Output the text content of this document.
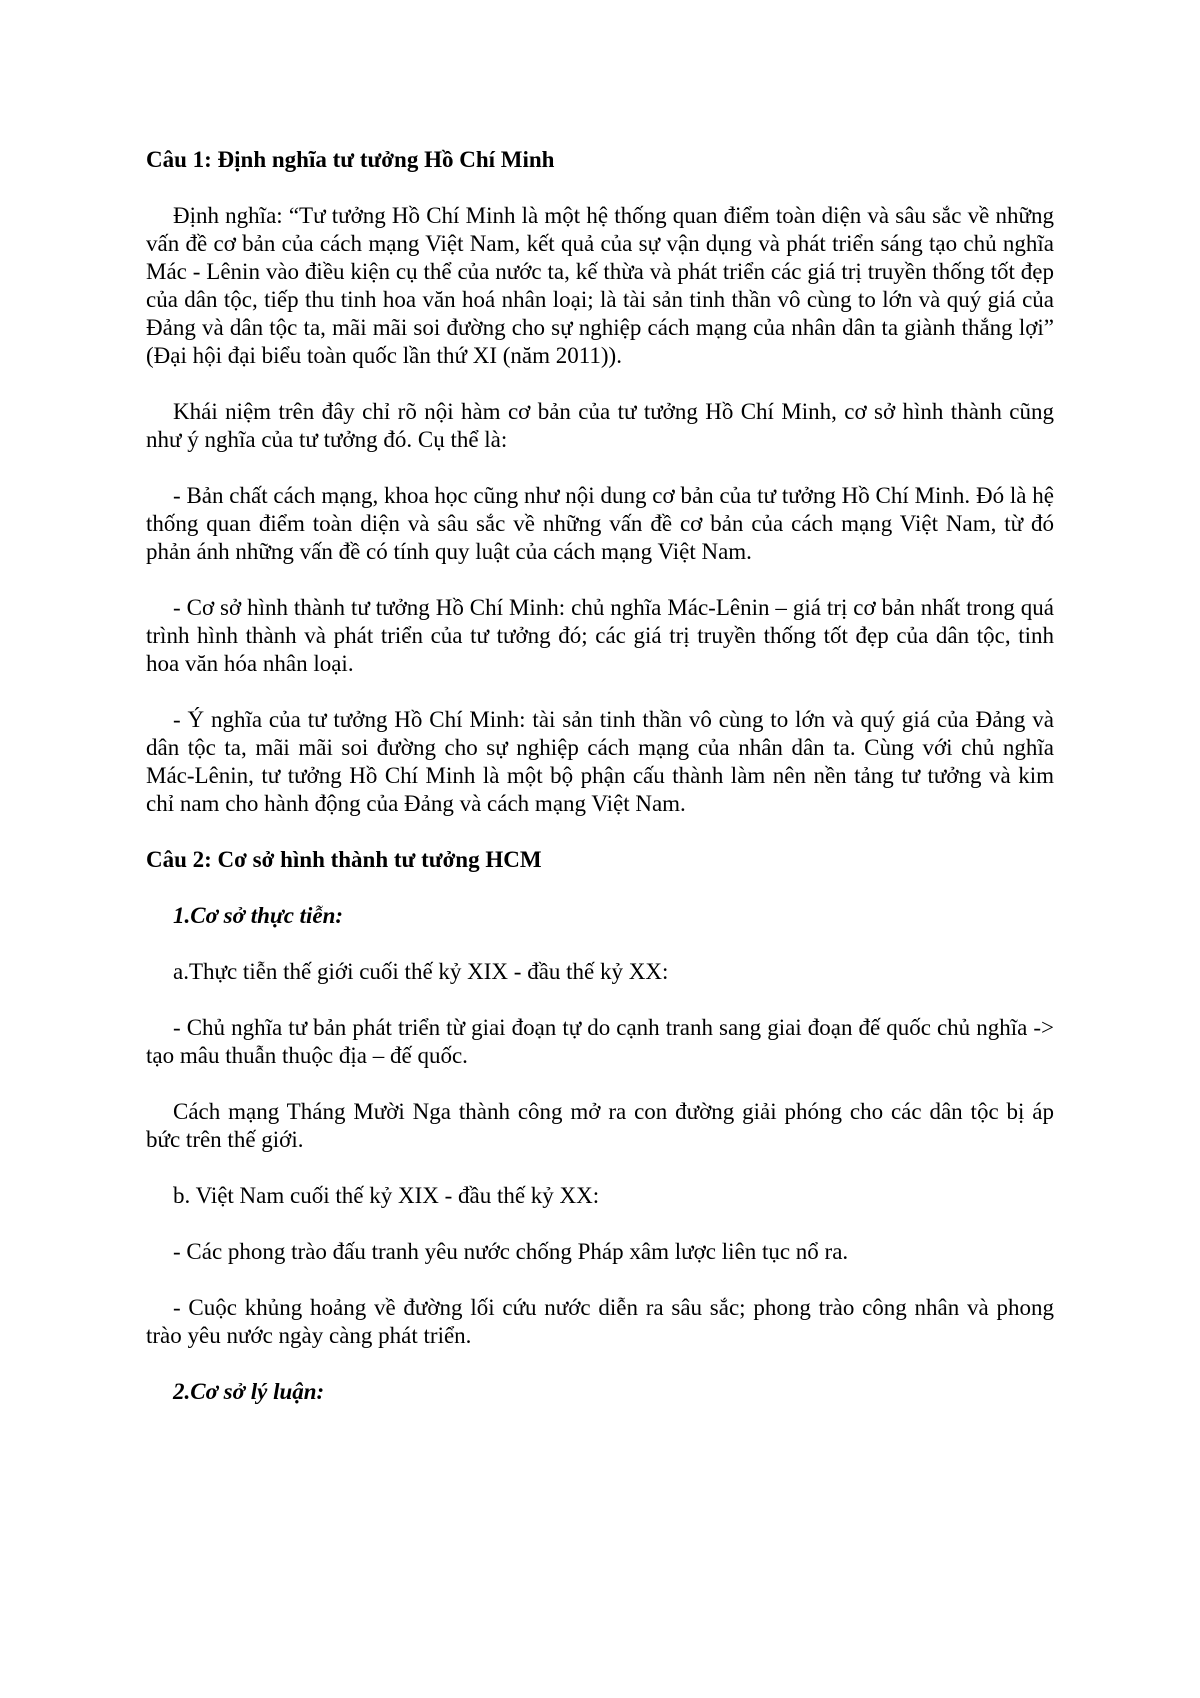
Câu 1: Định nghĩa tư tưởng Hồ Chí Minh

Định nghĩa: “Tư tưởng Hồ Chí Minh là một hệ thống quan điểm toàn diện và sâu sắc về những vấn đề cơ bản của cách mạng Việt Nam, kết quả của sự vận dụng và phát triển sáng tạo chủ nghĩa Mác - Lênin vào điều kiện cụ thể của nước ta, kế thừa và phát triển các giá trị truyền thống tốt đẹp của dân tộc, tiếp thu tinh hoa văn hoá nhân loại; là tài sản tinh thần vô cùng to lớn và quý giá của Đảng và dân tộc ta, mãi mãi soi đường cho sự nghiệp cách mạng của nhân dân ta giành thắng lợi” (Đại hội đại biểu toàn quốc lần thứ XI (năm 2011)).

Khái niệm trên đây chỉ rõ nội hàm cơ bản của tư tưởng Hồ Chí Minh, cơ sở hình thành cũng như ý nghĩa của tư tưởng đó. Cụ thể là:

- Bản chất cách mạng, khoa học cũng như nội dung cơ bản của tư tưởng Hồ Chí Minh. Đó là hệ thống quan điểm toàn diện và sâu sắc về những vấn đề cơ bản của cách mạng Việt Nam, từ đó phản ánh những vấn đề có tính quy luật của cách mạng Việt Nam.

- Cơ sở hình thành tư tưởng Hồ Chí Minh: chủ nghĩa Mác-Lênin – giá trị cơ bản nhất trong quá trình hình thành và phát triển của tư tưởng đó; các giá trị truyền thống tốt đẹp của dân tộc, tinh hoa văn hóa nhân loại.

- Ý nghĩa của tư tưởng Hồ Chí Minh: tài sản tinh thần vô cùng to lớn và quý giá của Đảng và dân tộc ta, mãi mãi soi đường cho sự nghiệp cách mạng của nhân dân ta. Cùng với chủ nghĩa Mác-Lênin, tư tưởng Hồ Chí Minh là một bộ phận cấu thành làm nên nền tảng tư tưởng và kim chỉ nam cho hành động của Đảng và cách mạng Việt Nam.

Câu 2: Cơ sở hình thành tư tưởng HCM

1.Cơ sở thực tiễn:

a.Thực tiễn thế giới cuối thế kỷ XIX - đầu thế kỷ XX:

- Chủ nghĩa tư bản phát triển từ giai đoạn tự do cạnh tranh sang giai đoạn đế quốc chủ nghĩa -> tạo mâu thuẫn thuộc địa – đế quốc.

Cách mạng Tháng Mười Nga thành công mở ra con đường giải phóng cho các dân tộc bị áp bức trên thế giới.

b. Việt Nam cuối thế kỷ XIX - đầu thế kỷ XX:

- Các phong trào đấu tranh yêu nước chống Pháp xâm lược liên tục nổ ra.

- Cuộc khủng hoảng về đường lối cứu nước diễn ra sâu sắc; phong trào công nhân và phong trào yêu nước ngày càng phát triển.

2.Cơ sở lý luận:
